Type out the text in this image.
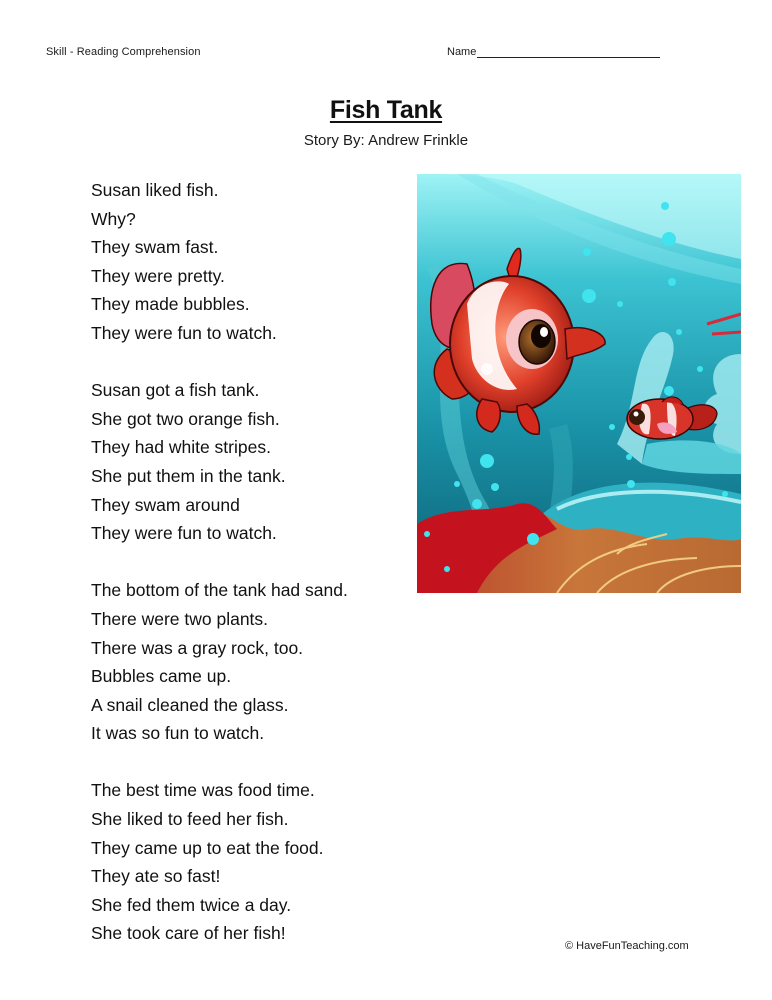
Skill - Reading Comprehension	Name
Fish Tank
Story By: Andrew Frinkle
Susan liked fish.
Why?
They swam fast.
They were pretty.
They made bubbles.
They were fun to watch.
Susan got a fish tank.
She got two orange fish.
They had white stripes.
She put them in the tank.
They swam around
They were fun to watch.
The bottom of the tank had sand.
There were two plants.
There was a gray rock, too.
Bubbles came up.
A snail cleaned the glass.
It was so fun to watch.
The best time was food time.
She liked to feed her fish.
They came up to eat the food.
They ate so fast!
She fed them twice a day.
She took care of her fish!
© HaveFunTeaching.com
